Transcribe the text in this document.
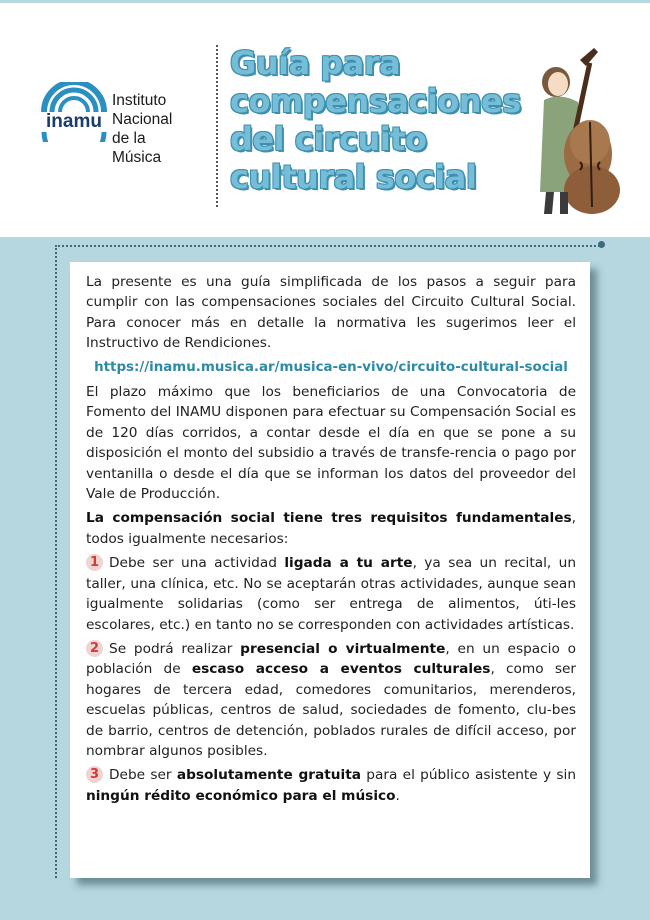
inamu
Instituto
Nacional
de la Música
Guía para
compensaciones
del circuito
cultural social

La presente es una guía simplificada de los pasos a seguir para cumplir con las compensaciones sociales del Circuito Cultural Social. Para conocer más en detalle la normativa les sugerimos leer el Instructivo de Rendiciones.

https://inamu.musica.ar/musica-en-vivo/circuito-cultural-social

El plazo máximo que los beneficiarios de una Convocatoria de Fomento del INAMU disponen para efectuar su Compensación Social es de 120 días corridos, a contar desde el día en que se pone a su disposición el monto del subsidio a través de transfe-rencia o pago por ventanilla o desde el día que se informan los datos del proveedor del Vale de Producción.

La compensación social tiene tres requisitos fundamentales, todos igualmente necesarios:

1 Debe ser una actividad ligada a tu arte, ya sea un recital, un taller, una clínica, etc. No se aceptarán otras actividades, aunque sean igualmente solidarias (como ser entrega de alimentos, úti-les escolares, etc.) en tanto no se corresponden con actividades artísticas.

2 Se podrá realizar presencial o virtualmente, en un espacio o población de escaso acceso a eventos culturales, como ser hogares de tercera edad, comedores comunitarios, merenderos, escuelas públicas, centros de salud, sociedades de fomento, clu-bes de barrio, centros de detención, poblados rurales de difícil acceso, por nombrar algunos posibles.

3 Debe ser absolutamente gratuita para el público asistente y sin ningún rédito económico para el músico.
